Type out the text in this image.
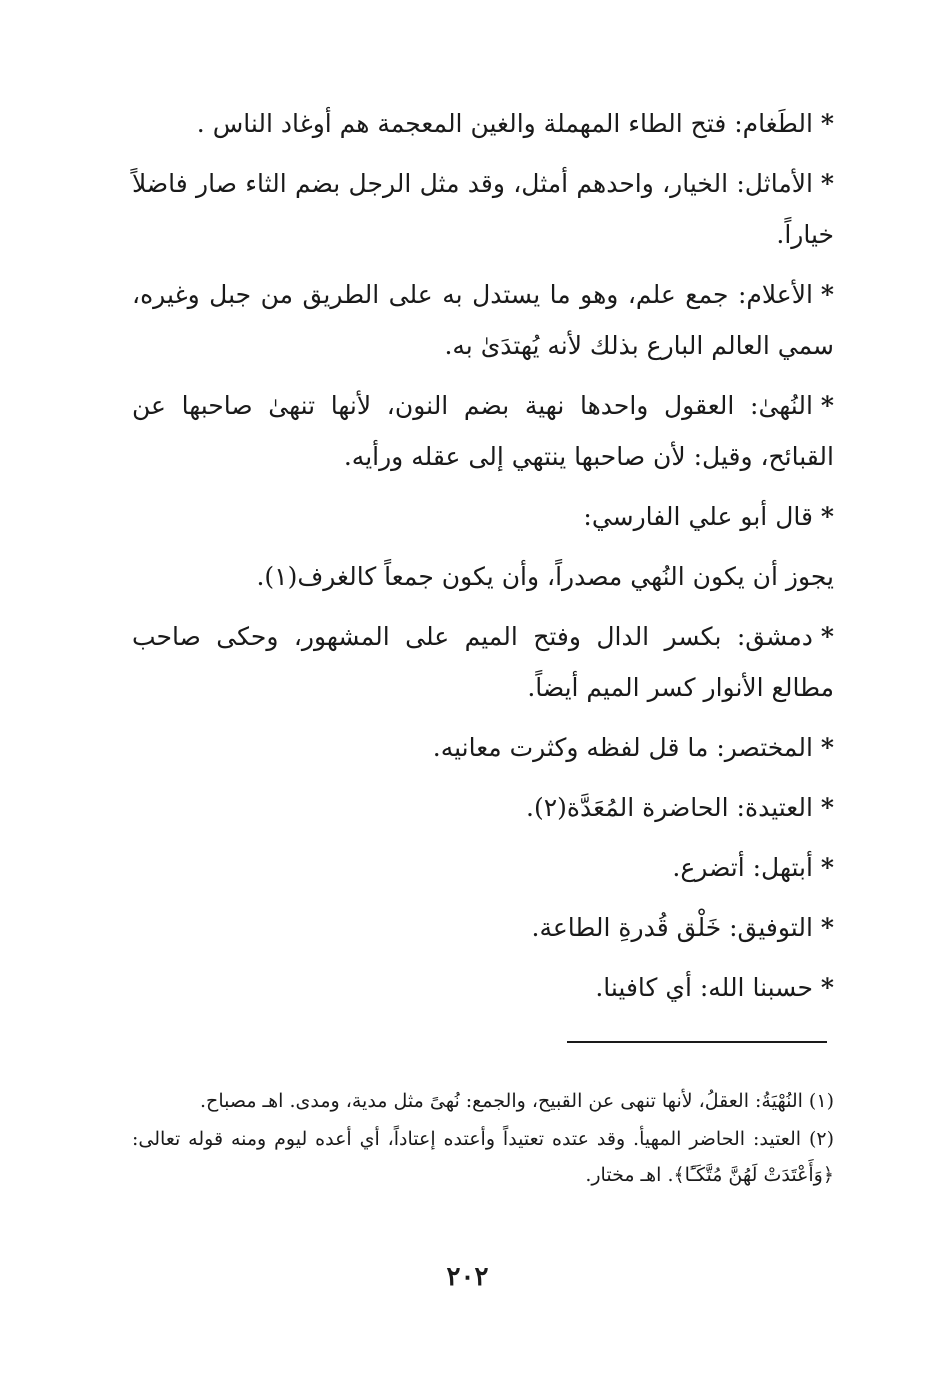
*الطَغام: فتح الطاء المهملة والغين المعجمة هم أوغاد الناس .

*الأماثل: الخيار، واحدهم أمثل، وقد مثل الرجل بضم الثاء صار فاضلاً خياراً.

*الأعلام: جمع علم، وهو ما يستدل به على الطريق من جبل وغيره، سمي العالم البارع بذلك لأنه يُهتدَىٰ به.

*النُهىٰ: العقول واحدها نهية بضم النون، لأنها تنهىٰ صاحبها عن القبائح، وقيل: لأن صاحبها ينتهي إلى عقله ورأيه.

*قال أبو علي الفارسي:

يجوز أن يكون النُهي مصدراً، وأن يكون جمعاً كالغرف(١).

*دمشق: بكسر الدال وفتح الميم على المشهور، وحكى صاحب مطالع الأنوار كسر الميم أيضاً.

*المختصر: ما قل لفظه وكثرت معانيه.

*العتيدة: الحاضرة المُعَدَّة(٢).

*أبتهل: أتضرع.

*التوفيق: خَلْق قُدرةِ الطاعة.

*حسبنا الله: أي كافينا.

(١) النُهْيَةُ: العقلُ، لأنها تنهى عن القبيح، والجمع: نُهىً مثل مدية، ومدى. اهـ مصباح.

(٢) العتيد: الحاضر المهيأ. وقد عتده تعتيداً وأعتده إعتاداً، أي أعده ليوم ومنه قوله تعالى: ﴿وَأَعْتَدَتْ لَهُنَّ مُتَّكَـًٔا﴾. اهـ مختار.

٢٠٢
